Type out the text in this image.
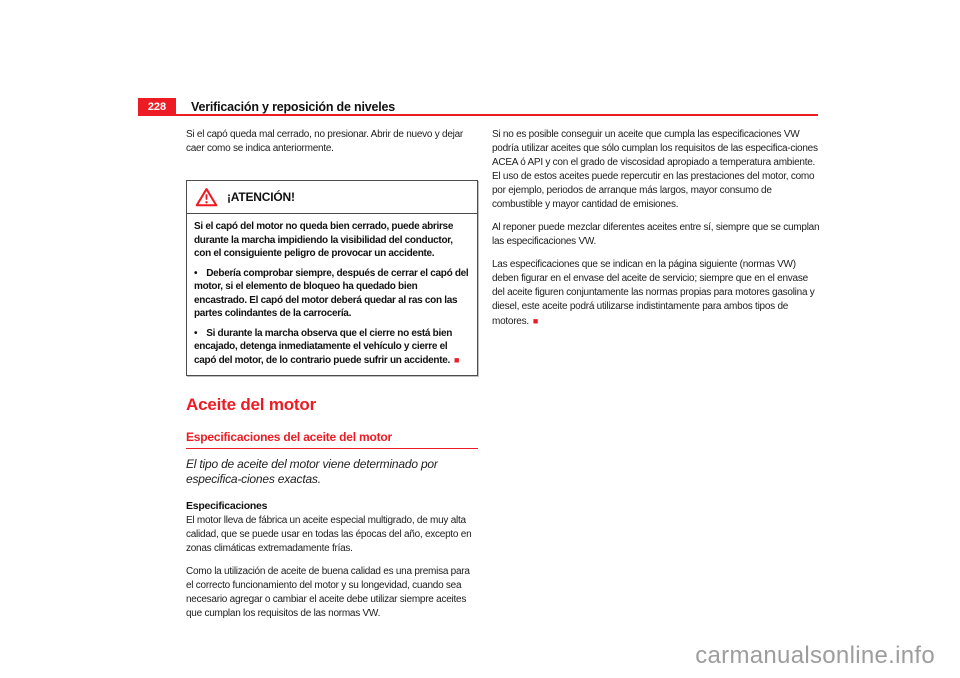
228	Verificación y reposición de niveles

Si el capó queda mal cerrado, no presionar. Abrir de nuevo y dejar caer como se indica anteriormente.

¡ATENCIÓN!

Si el capó del motor no queda bien cerrado, puede abrirse durante la marcha impidiendo la visibilidad del conductor, con el consiguiente peligro de provocar un accidente.

• Debería comprobar siempre, después de cerrar el capó del motor, si el elemento de bloqueo ha quedado bien encastrado. El capó del motor deberá quedar al ras con las partes colindantes de la carrocería.

• Si durante la marcha observa que el cierre no está bien encajado, detenga inmediatamente el vehículo y cierre el capó del motor, de lo contrario puede sufrir un accidente. ■

Aceite del motor
Especificaciones del aceite del motor

El tipo de aceite del motor viene determinado por especifica-ciones exactas.

Especificaciones

El motor lleva de fábrica un aceite especial multigrado, de muy alta calidad, que se puede usar en todas las épocas del año, excepto en zonas climáticas extremadamente frías.

Como la utilización de aceite de buena calidad es una premisa para el correcto funcionamiento del motor y su longevidad, cuando sea necesario agregar o cambiar el aceite debe utilizar siempre aceites que cumplan los requisitos de las normas VW.

Si no es posible conseguir un aceite que cumpla las especificaciones VW podría utilizar aceites que sólo cumplan los requisitos de las especifica-ciones ACEA ó API y con el grado de viscosidad apropiado a temperatura ambiente. El uso de estos aceites puede repercutir en las prestaciones del motor, como por ejemplo, periodos de arranque más largos, mayor consumo de combustible y mayor cantidad de emisiones.

Al reponer puede mezclar diferentes aceites entre sí, siempre que se cumplan las especificaciones VW.

Las especificaciones que se indican en la página siguiente (normas VW) deben figurar en el envase del aceite de servicio; siempre que en el envase del aceite figuren conjuntamente las normas propias para motores gasolina y diesel, este aceite podrá utilizarse indistintamente para ambos tipos de motores. ■

carmanualsonline.info
